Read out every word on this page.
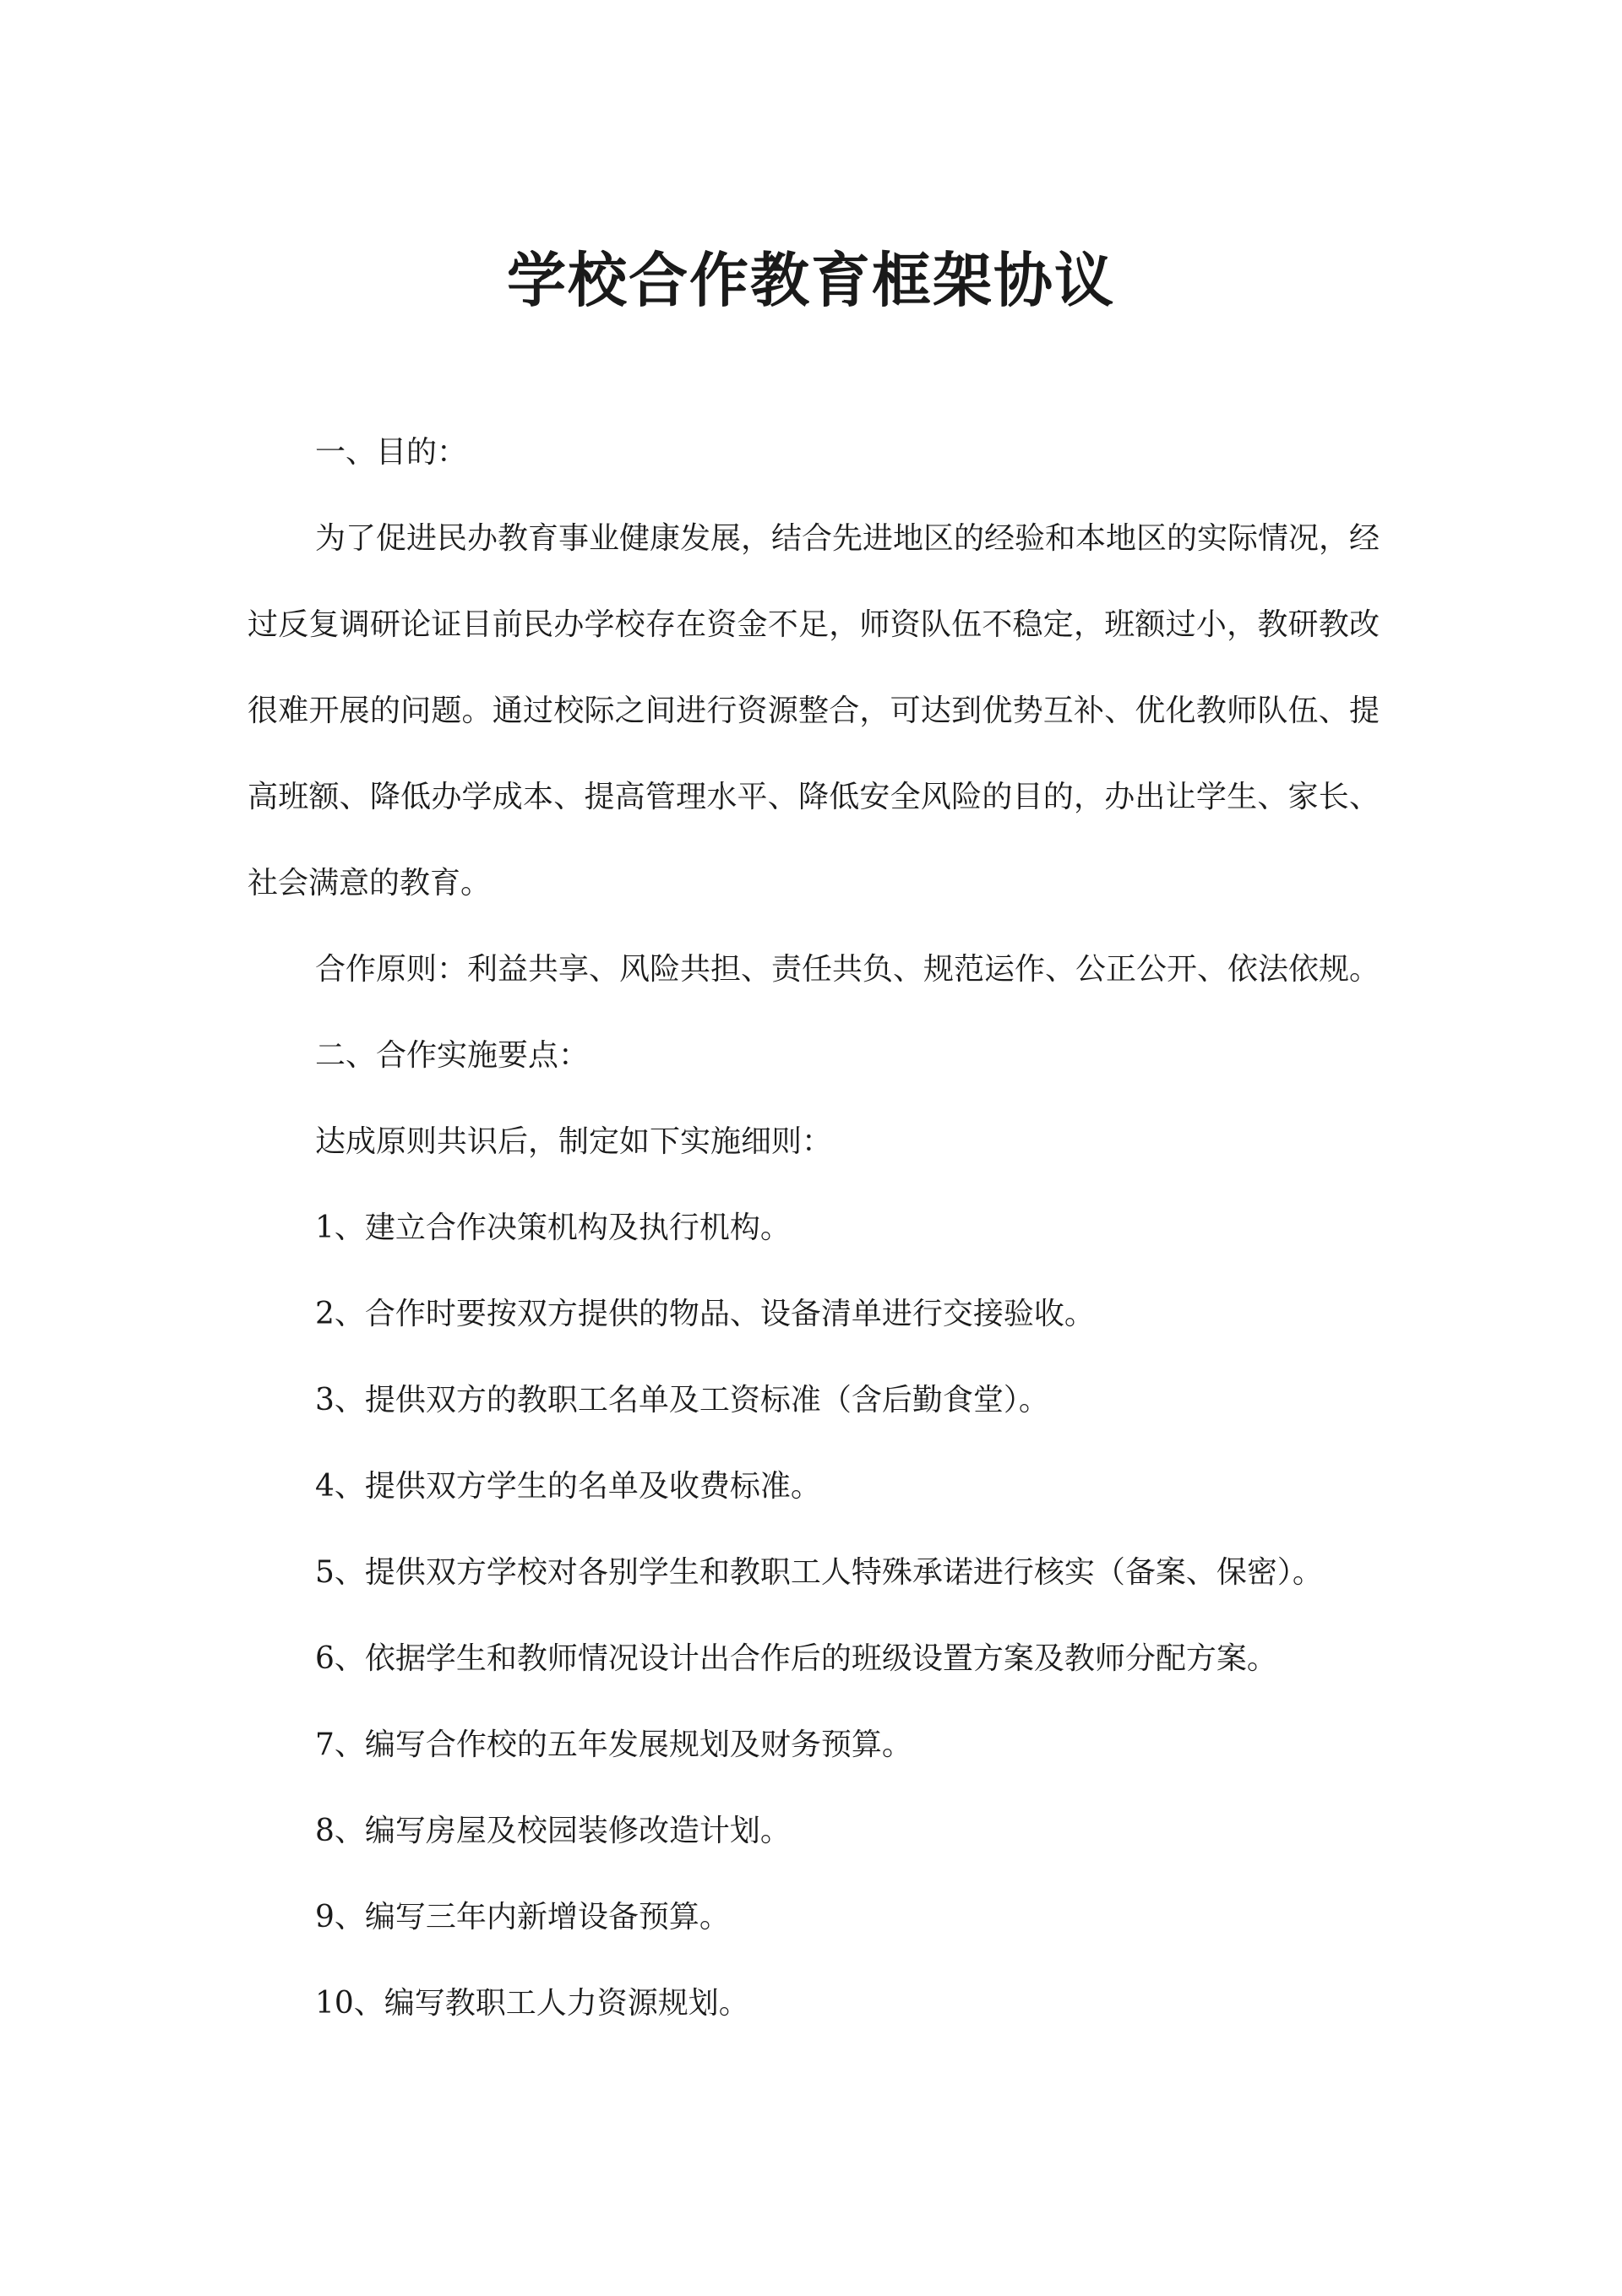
学校合作教育框架协议

一、目的：

为了促进民办教育事业健康发展，结合先进地区的经验和本地区的实际情况，经过反复调研论证目前民办学校存在资金不足，师资队伍不稳定，班额过小，教研教改很难开展的问题。通过校际之间进行资源整合，可达到优势互补、优化教师队伍、提高班额、降低办学成本、提高管理水平、降低安全风险的目的，办出让学生、家长、社会满意的教育。

合作原则：利益共享、风险共担、责任共负、规范运作、公正公开、依法依规。

二、合作实施要点：

达成原则共识后，制定如下实施细则：

1、建立合作决策机构及执行机构。

2、合作时要按双方提供的物品、设备清单进行交接验收。

3、提供双方的教职工名单及工资标准（含后勤食堂）。

4、提供双方学生的名单及收费标准。

5、提供双方学校对各别学生和教职工人特殊承诺进行核实（备案、保密）。

6、依据学生和教师情况设计出合作后的班级设置方案及教师分配方案。

7、编写合作校的五年发展规划及财务预算。

8、编写房屋及校园装修改造计划。

9、编写三年内新增设备预算。

10、编写教职工人力资源规划。
